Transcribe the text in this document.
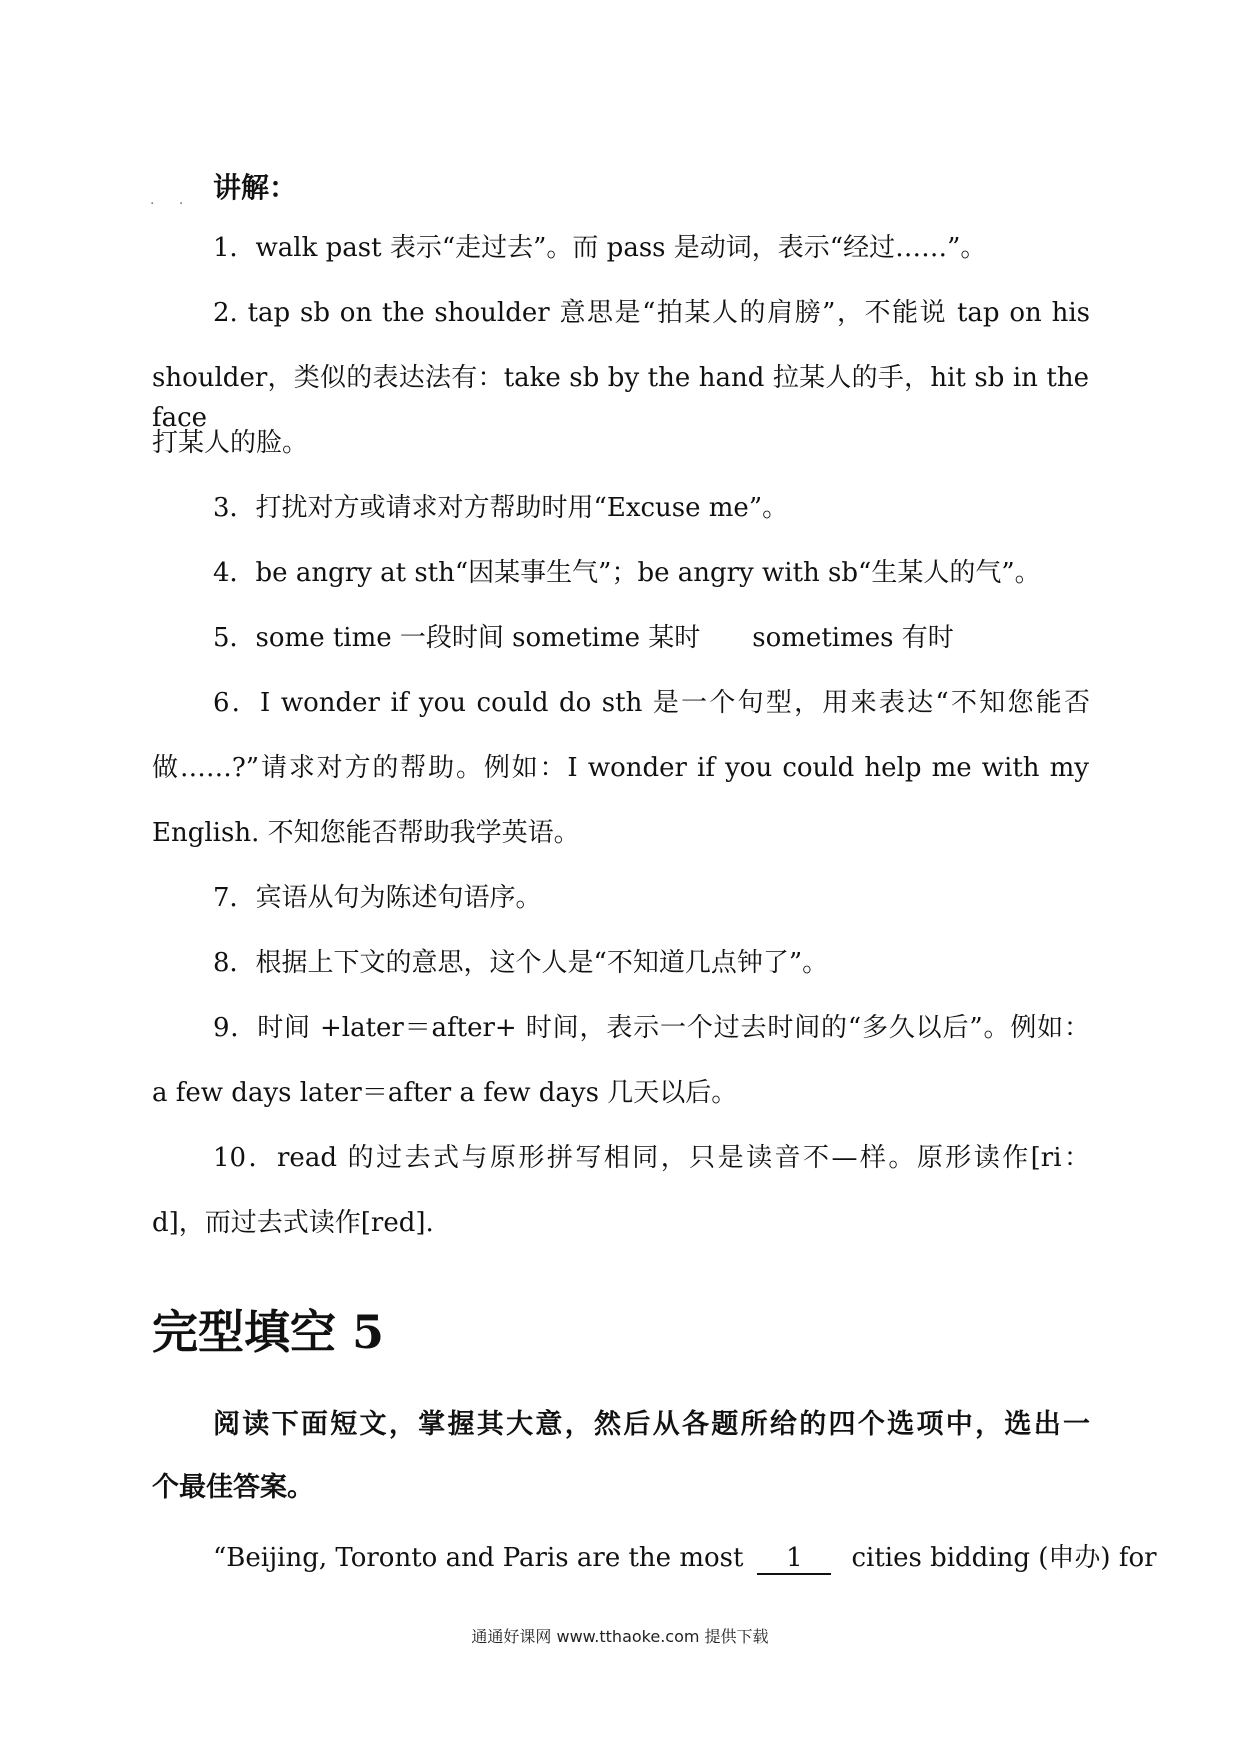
. . 讲解：
1．walk past 表示“走过去”。而 pass 是动词，表示“经过……”。
2. tap sb on the shoulder 意思是“拍某人的肩膀”，不能说 tap on his
shoulder，类似的表达法有：take sb by the hand 拉某人的手，hit sb in the face
打某人的脸。
3．打扰对方或请求对方帮助时用“Excuse me”。
4．be angry at sth“因某事生气”；be angry with sb“生某人的气”。
5．some time 一段时间 sometime 某时　　sometimes 有时
6．I wonder if you could do sth 是一个句型，用来表达“不知您能否
做……?”请求对方的帮助。例如：I wonder if you could help me with my
English. 不知您能否帮助我学英语。
7．宾语从句为陈述句语序。
8．根据上下文的意思，这个人是“不知道几点钟了”。
9．时间 +later＝after+ 时间，表示一个过去时间的“多久以后”。例如：
a few days later＝after a few days 几天以后。
10．read 的过去式与原形拼写相同，只是读音不—样。原形读作[ri：
d]，而过去式读作[red].
完型填空 5
阅读下面短文，掌握其大意，然后从各题所给的四个选项中，选出一
个最佳答案。
“Beijing, Toronto and Paris are the most 1 cities bidding (申办) for
通通好课网 www.tthaoke.com 提供下载
